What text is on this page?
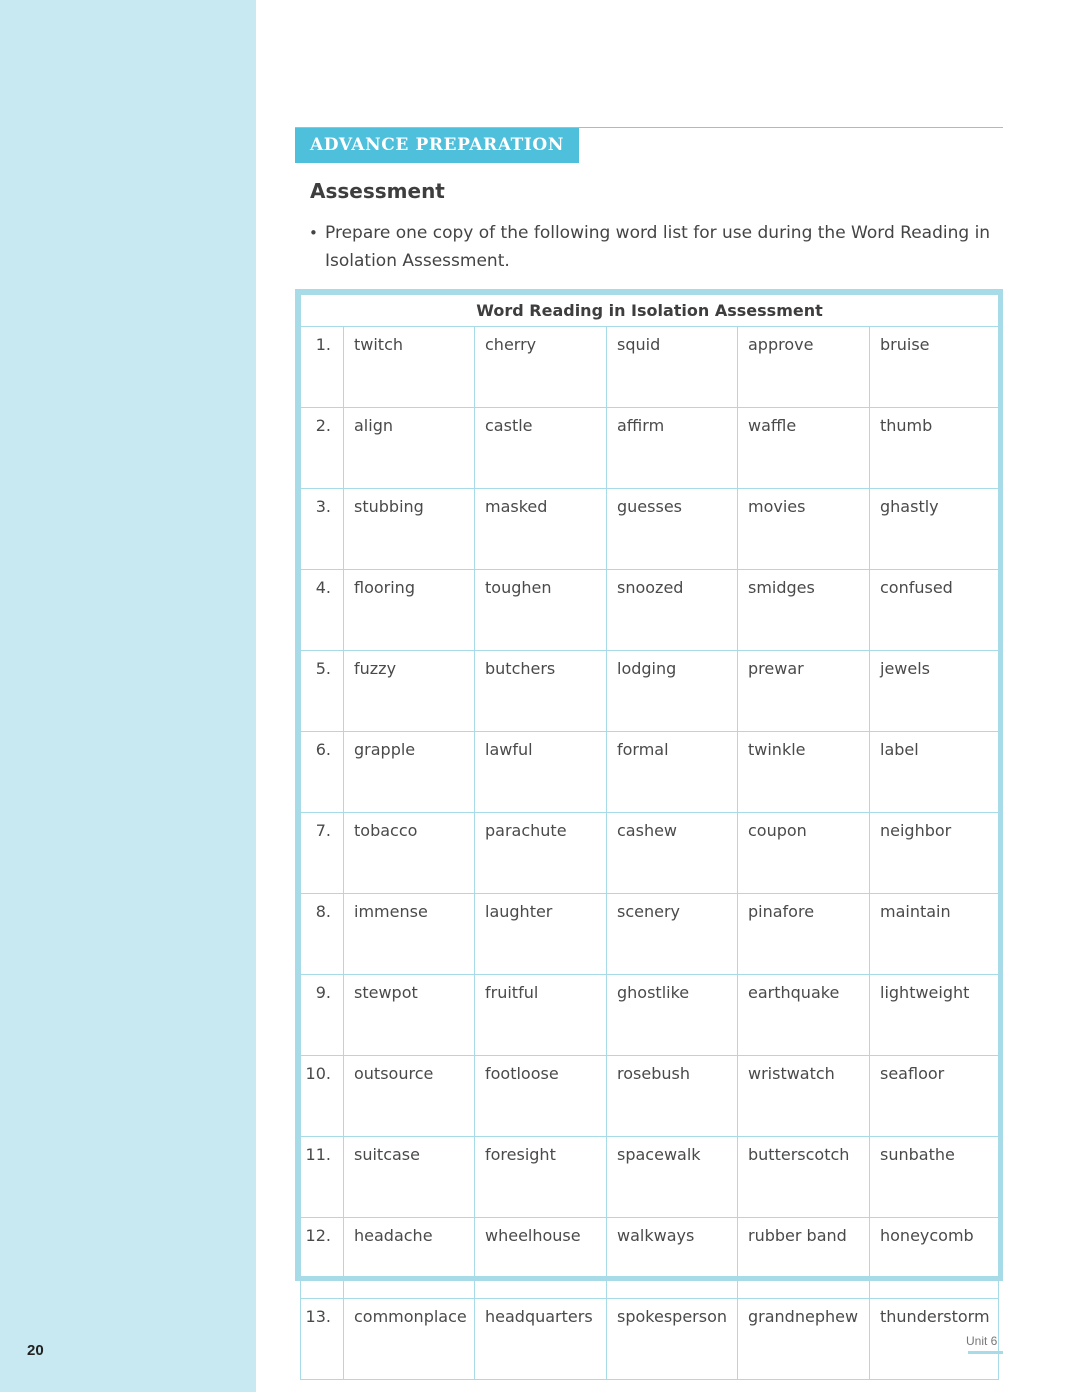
20
ADVANCE PREPARATION
Assessment
• Prepare one copy of the following word list for use during the Word Reading in Isolation Assessment.
Word Reading in Isolation Assessment					
1.	twitch	cherry	squid	approve	bruise
2.	align	castle	affirm	waffle	thumb
3.	stubbing	masked	guesses	movies	ghastly
4.	flooring	toughen	snoozed	smidges	confused
5.	fuzzy	butchers	lodging	prewar	jewels
6.	grapple	lawful	formal	twinkle	label
7.	tobacco	parachute	cashew	coupon	neighbor
8.	immense	laughter	scenery	pinafore	maintain
9.	stewpot	fruitful	ghostlike	earthquake	lightweight
10.	outsource	footloose	rosebush	wristwatch	seafloor
11.	suitcase	foresight	spacewalk	butterscotch	sunbathe
12.	headache	wheelhouse	walkways	rubber band	honeycomb
13.	commonplace	headquarters	spokesperson	grandnephew	thunderstorm
Unit 6
